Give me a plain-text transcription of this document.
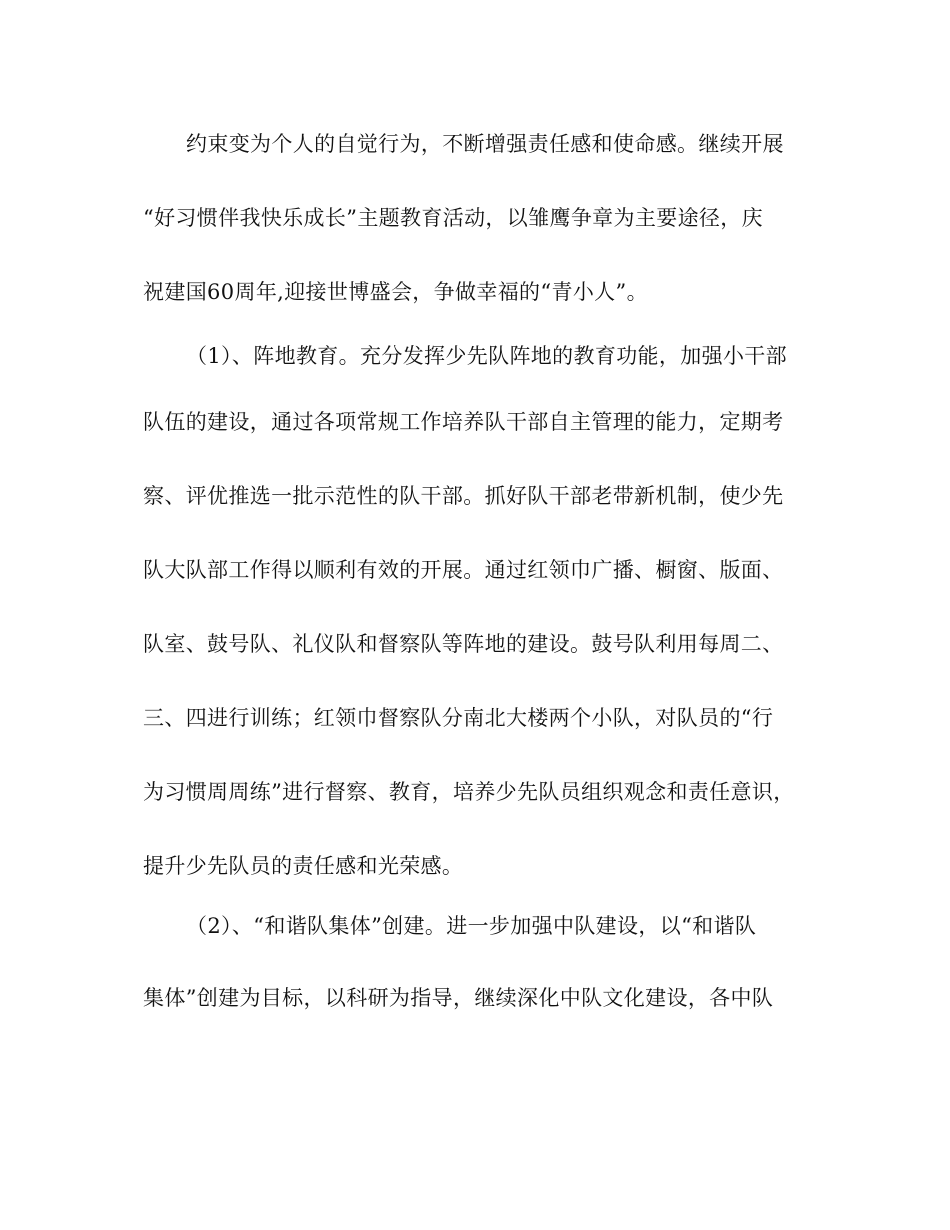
约束变为个人的自觉行为，不断增强责任感和使命感。继续开展
“好习惯伴我快乐成长”主题教育活动，以雏鹰争章为主要途径，庆
祝建国60周年,迎接世博盛会，争做幸福的“青小人”。
（1）、阵地教育。充分发挥少先队阵地的教育功能，加强小干部
队伍的建设，通过各项常规工作培养队干部自主管理的能力，定期考
察、评优推选一批示范性的队干部。抓好队干部老带新机制，使少先
队大队部工作得以顺利有效的开展。通过红领巾广播、橱窗、版面、
队室、鼓号队、礼仪队和督察队等阵地的建设。鼓号队利用每周二、
三、四进行训练；红领巾督察队分南北大楼两个小队，对队员的“行
为习惯周周练”进行督察、教育，培养少先队员组织观念和责任意识，
提升少先队员的责任感和光荣感。
（2）、“和谐队集体”创建。进一步加强中队建设，以“和谐队
集体”创建为目标，以科研为指导，继续深化中队文化建设，各中队
